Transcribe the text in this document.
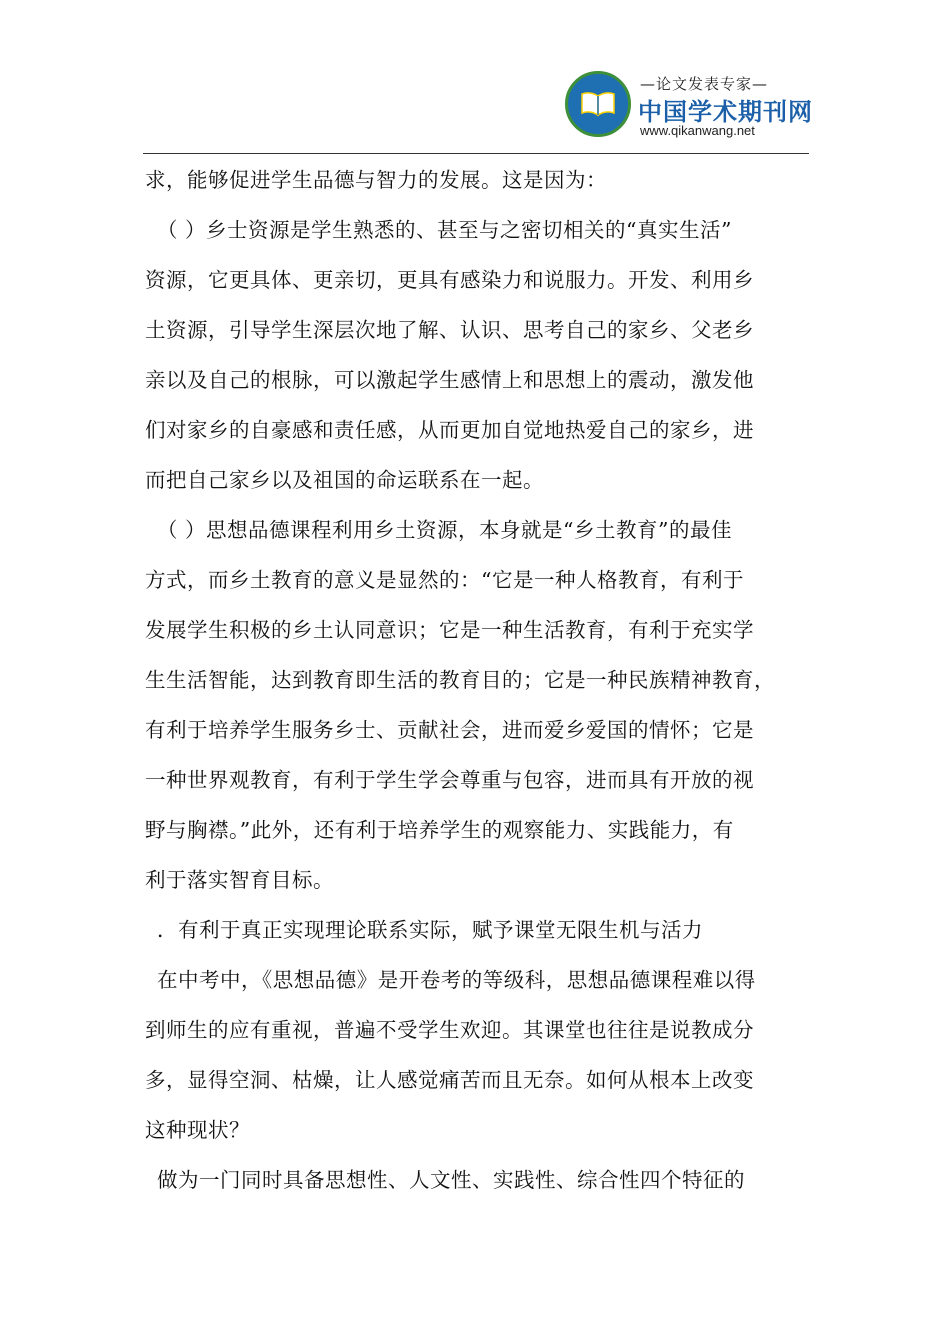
—论文发表专家—
中国学术期刊网
www.qikanwang.net

求，能够促进学生品德与智力的发展。这是因为：

（ ）乡士资源是学生熟悉的、甚至与之密切相关的“真实生活”

资源，它更具体、更亲切，更具有感染力和说服力。开发、利用乡

土资源，引导学生深层次地了解、认识、思考自己的家乡、父老乡

亲以及自己的根脉，可以激起学生感情上和思想上的震动，激发他

们对家乡的自豪感和责任感，从而更加自觉地热爱自己的家乡，进

而把自己家乡以及祖国的命运联系在一起。

（ ）思想品德课程利用乡土资源，本身就是“乡土教育”的最佳

方式，而乡土教育的意义是显然的：“它是一种人格教育，有利于

发展学生积极的乡土认同意识；它是一种生活教育，有利于充实学

生生活智能，达到教育即生活的教育目的；它是一种民族精神教育，

有利于培养学生服务乡士、贡献社会，进而爱乡爱国的情怀；它是

一种世界观教育，有利于学生学会尊重与包容，进而具有开放的视

野与胸襟。”此外，还有利于培养学生的观察能力、实践能力，有

利于落实智育目标。

．有利于真正实现理论联系实际，赋予课堂无限生机与活力

在中考中，《思想品德》是开卷考的等级科，思想品德课程难以得

到师生的应有重视，普遍不受学生欢迎。其课堂也往往是说教成分

多，显得空洞、枯燥，让人感觉痛苦而且无奈。如何从根本上改变

这种现状？

做为一门同时具备思想性、人文性、实践性、综合性四个特征的
